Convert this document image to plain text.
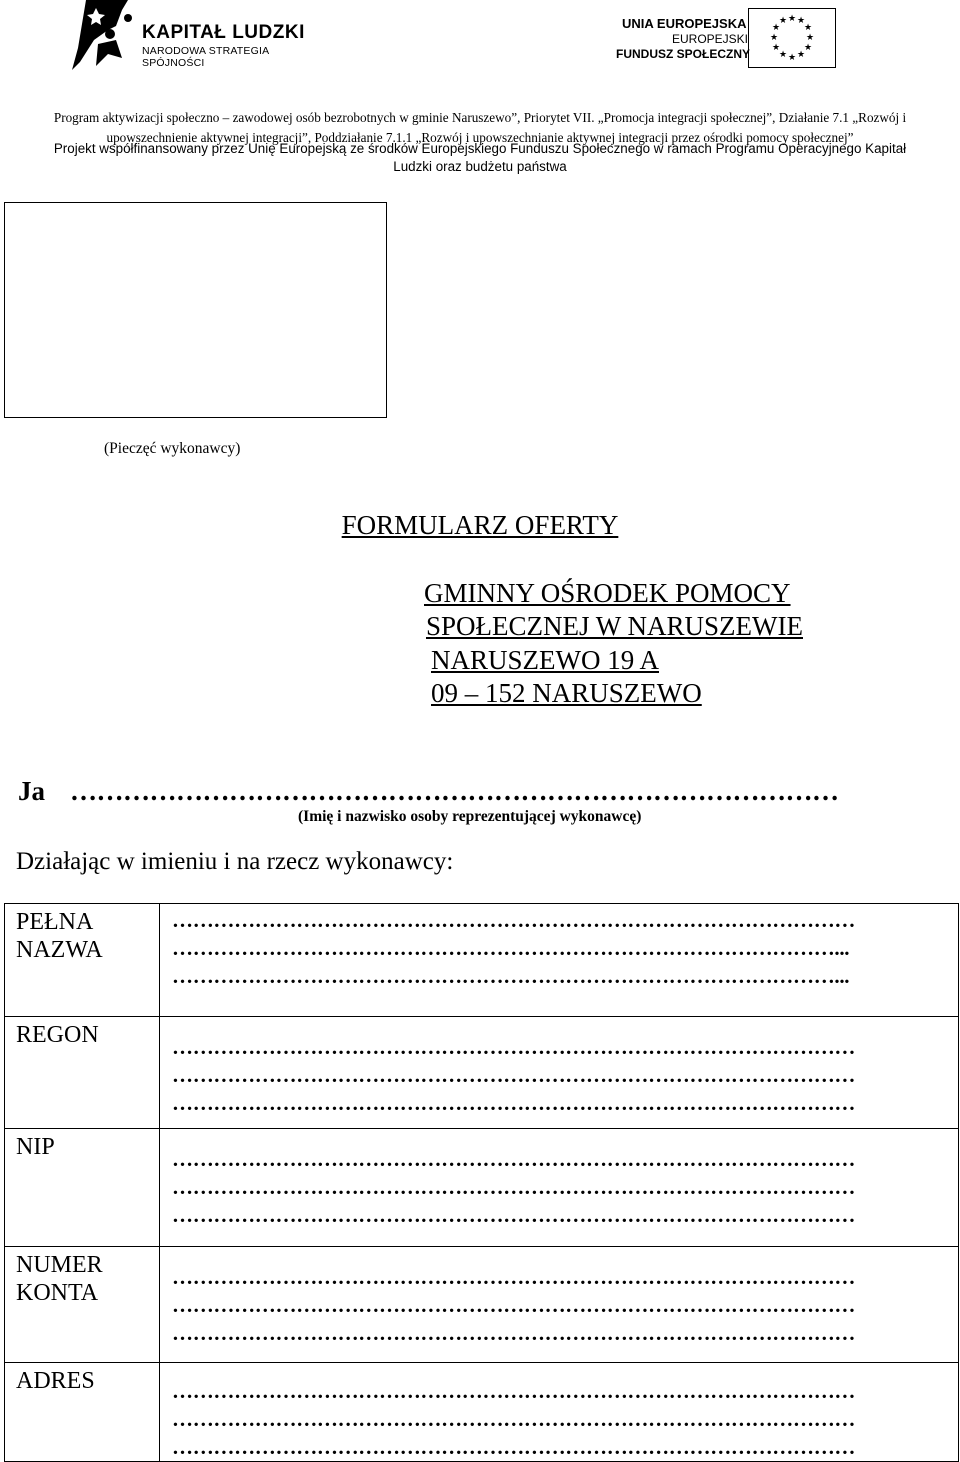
KAPITAŁ LUDZKI
NARODOWA STRATEGIA SPÓJNOŚCI
UNIA EUROPEJSKA
EUROPEJSKI
FUNDUSZ SPOŁECZNY
★ ★
★
★
★
★
★
★
★
★
★
★
Program aktywizacji społeczno – zawodowej osób bezrobotnych w gminie Naruszewo”, Priorytet VII. „Promocja integracji społecznej”, Działanie 7.1 „Rozwój i
upowszechnienie aktywnej integracji”, Poddziałanie 7.1.1 „Rozwój i upowszechnianie aktywnej integracji przez ośrodki pomocy społecznej”
Projekt współfinansowany przez Unię Europejską ze środków Europejskiego Funduszu Społecznego w ramach Programu Operacyjnego Kapitał
Ludzki oraz budżetu państwa
(Pieczęć wykonawcy)
FORMULARZ OFERTY
GMINNY OŚRODEK POMOCY
SPOŁECZNEJ W NARUSZEWIE
NARUSZEWO 19 A
09 – 152 NARUSZEWO
Ja ……………………………………………………………………………
(Imię i nazwisko osoby reprezentującej wykonawcę)
Działając w imieniu i na rzecz wykonawcy:
PEŁNA NAZWA	………………………………………………………………………………………
……………………………………………………………………………………...
……………………………………………………………………………………...

REGON	………………………………………………………………………………………
………………………………………………………………………………………
………………………………………………………………………………………

NIP	………………………………………………………………………………………
………………………………………………………………………………………
………………………………………………………………………………………

NUMER KONTA	………………………………………………………………………………………
………………………………………………………………………………………
………………………………………………………………………………………

ADRES	………………………………………………………………………………………
………………………………………………………………………………………
………………………………………………………………………………………
